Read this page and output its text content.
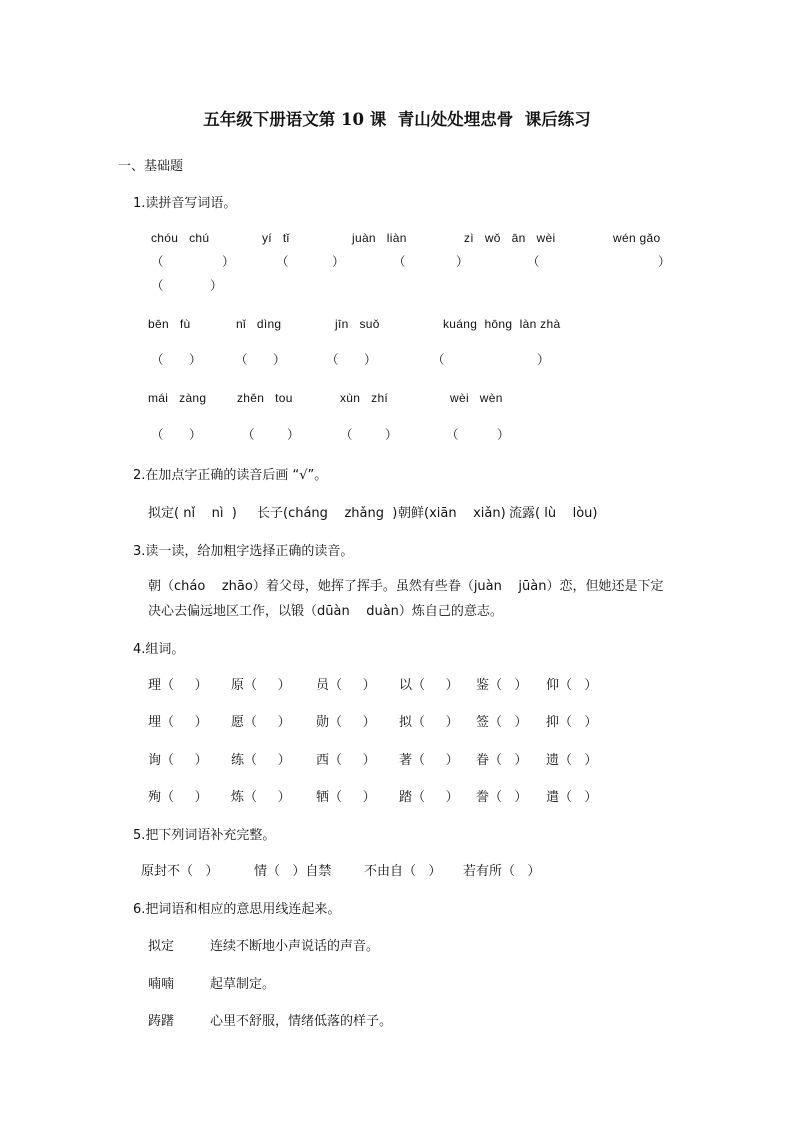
五年级下册语文第 10 课  青山处处埋忠骨  课后练习
一、基础题
1.读拼音写词语。
chóu   chú	yí   tǐ	juàn   liàn	zì   wǒ   ān   wèi	wén gǎo
（	）	（	）	（	）	（	）
（	）
bēn   fù	nǐ   dìng	jīn   suǒ	kuáng  hōng  làn zhà
（ ）	（ ）	（ ）	（	）
mái   zàng	zhěn   tou	xùn   zhí	wèi   wèn
（ ）	（	）	（	）	（	）
2.在加点字正确的读音后画 “√”。
拟定( nǐ    nì  ) 长子(cháng    zhǎng  ) 朝鲜(xiān    xiǎn) 流露( lù    lòu)
3.读一读，给加粗字选择正确的读音。
朝（cháo    zhāo）着父母，她挥了挥手。虽然有些眷（juàn    jūàn）恋，但她还是下定
决心去偏远地区工作，以锻（dūàn    duàn）炼自己的意志。
4.组词。
理（     ） 原（     ） 员（     ） 以（     ） 鉴（   ） 仰（   ）
埋（     ） 愿（     ） 勋（     ） 拟（     ） 签（   ） 抑（   ）
询（     ） 练（     ） 西（     ） 著（     ） 眷（   ） 遗（   ）
殉（     ） 炼（     ） 牺（     ） 踏（     ） 誊（   ） 遣（   ）
5.把下列词语补充完整。
原封不（   ）	情（   ）自禁	不由自（   ） 若有所（   ）
6.把词语和相应的意思用线连起来。
拟定	连续不断地小声说话的声音。
喃喃	起草制定。
踌躇	心里不舒服，情绪低落的样子。
